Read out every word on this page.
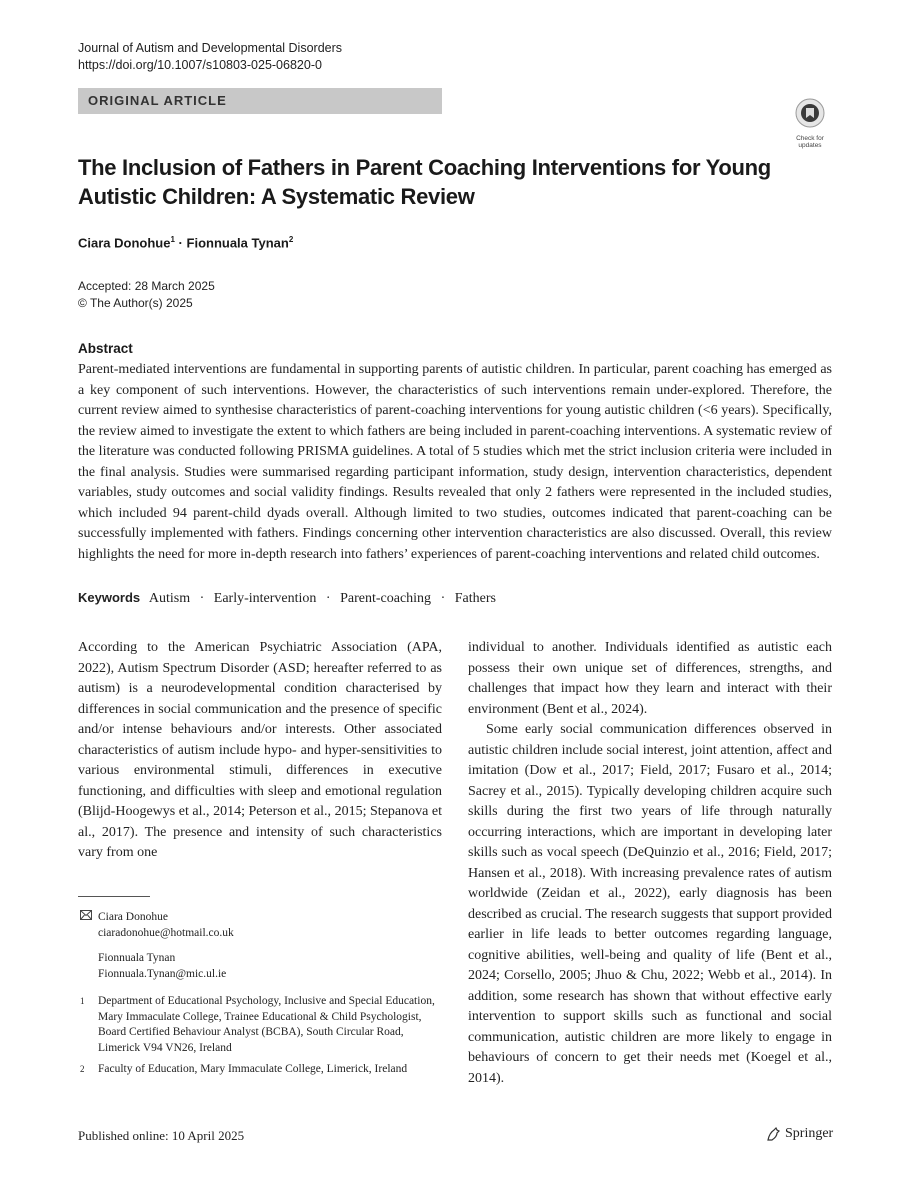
Journal of Autism and Developmental Disorders
https://doi.org/10.1007/s10803-025-06820-0
ORIGINAL ARTICLE
Check for
updates
The Inclusion of Fathers in Parent Coaching Interventions for Young
Autistic Children: A Systematic Review
Ciara Donohue$^1$ · Fionnuala Tynan$^2$
Accepted: 28 March 2025
© The Author(s) 2025
Abstract
Parent-mediated interventions are fundamental in supporting parents of autistic children. In particular, parent coaching has emerged as a key component of such interventions. However, the characteristics of such interventions remain under-explored. Therefore, the current review aimed to synthesise characteristics of parent-coaching interventions for young autistic children (<6 years). Specifically, the review aimed to investigate the extent to which fathers are being included in parent-coaching interventions. A systematic review of the literature was conducted following PRISMA guidelines. A total of 5 studies which met the strict inclusion criteria were included in the final analysis. Studies were summarised regarding participant information, study design, intervention characteristics, dependent variables, study outcomes and social validity findings. Results revealed that only 2 fathers were represented in the included studies, which included 94 parent-child dyads overall. Although limited to two studies, outcomes indicated that parent-coaching can be successfully implemented with fathers. Findings concerning other intervention characteristics are also discussed. Overall, this review highlights the need for more in-depth research into fathers’ experiences of parent-coaching interventions and related child outcomes.
Keywords Autism · Early-intervention · Parent-coaching · Fathers

According to the American Psychiatric Association (APA, 2022), Autism Spectrum Disorder (ASD; hereafter referred to as autism) is a neurodevelopmental condition characterised by differences in social communication and the presence of specific and/or intense behaviours and/or interests. Other associated characteristics of autism include hypo- and hyper-sensitivities to various environmental stimuli, differences in executive functioning, and difficulties with sleep and emotional regulation (Blijd-Hoogewys et al., 2014; Peterson et al., 2015; Stepanova et al., 2017). The presence and intensity of such characteristics vary from one

individual to another. Individuals identified as autistic each possess their own unique set of differences, strengths, and challenges that impact how they learn and interact with their environment (Bent et al., 2024).

Some early social communication differences observed in autistic children include social interest, joint attention, affect and imitation (Dow et al., 2017; Field, 2017; Fusaro et al., 2014; Sacrey et al., 2015). Typically developing children acquire such skills during the first two years of life through naturally occurring interactions, which are important in developing later skills such as vocal speech (DeQuinzio et al., 2016; Field, 2017; Hansen et al., 2018). With increasing prevalence rates of autism worldwide (Zeidan et al., 2022), early diagnosis has been described as crucial. The research suggests that support provided earlier in life leads to better outcomes regarding language, cognitive abilities, well-being and quality of life (Bent et al., 2024; Corsello, 2005; Jhuo & Chu, 2022; Webb et al., 2014). In addition, some research has shown that without effective early intervention to support skills such as functional and social communication, autistic children are more likely to engage in behaviours of concern to get their needs met (Koegel et al., 2014).

Ciara Donohue
ciaradonohue@hotmail.co.uk
Fionnuala Tynan
Fionnuala.Tynan@mic.ul.ie
1 Department of Educational Psychology, Inclusive and Special Education, Mary Immaculate College, Trainee Educational & Child Psychologist, Board Certified Behaviour Analyst (BCBA), South Circular Road, Limerick V94 VN26, Ireland
2 Faculty of Education, Mary Immaculate College, Limerick, Ireland
Published online: 10 April 2025	Springer
